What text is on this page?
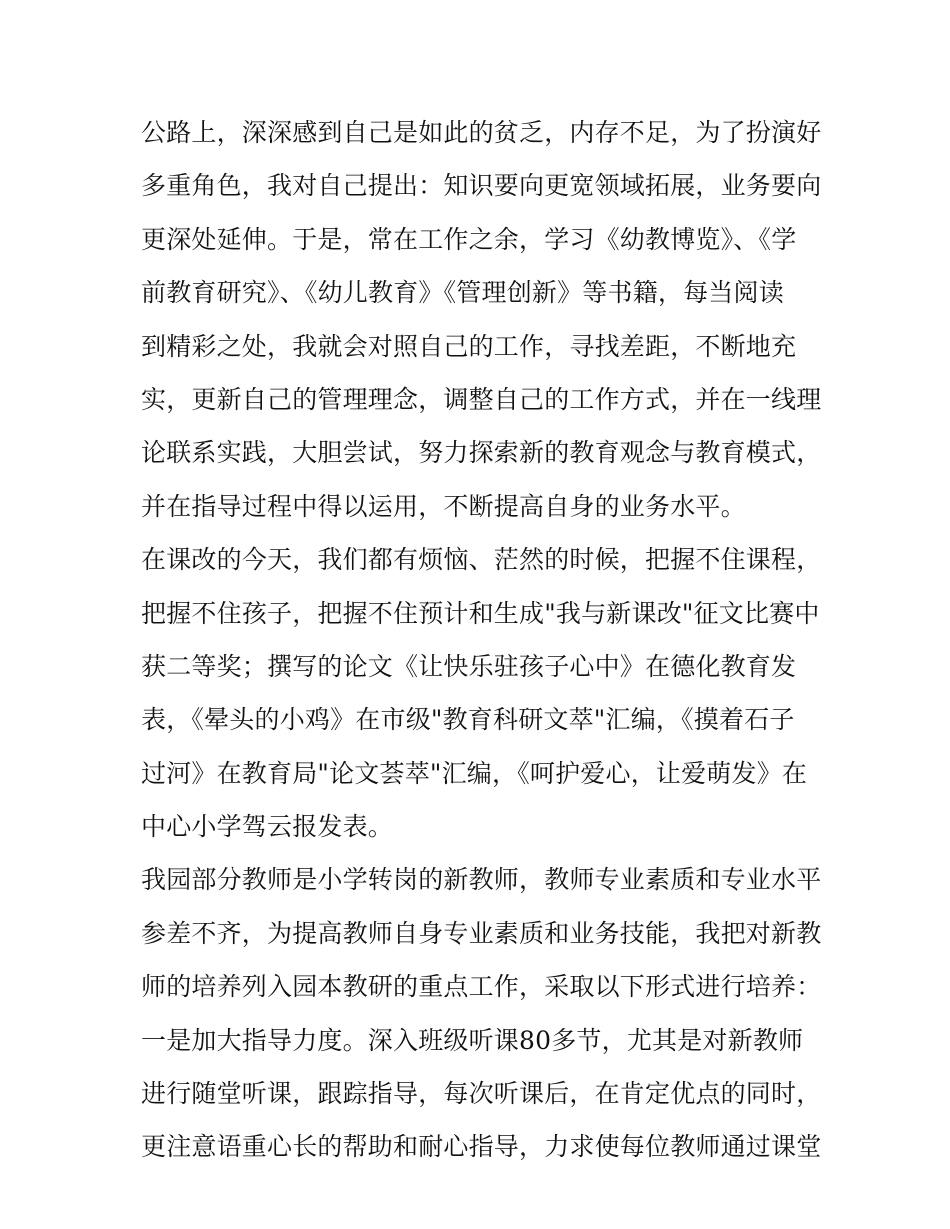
公路上，深深感到自己是如此的贫乏，内存不足，为了扮演好
多重角色，我对自己提出：知识要向更宽领域拓展，业务要向
更深处延伸。于是，常在工作之余，学习《幼教博览》、《学
前教育研究》、《幼儿教育》《管理创新》等书籍，每当阅读
到精彩之处，我就会对照自己的工作，寻找差距，不断地充
实，更新自己的管理理念，调整自己的工作方式，并在一线理
论联系实践，大胆尝试，努力探索新的教育观念与教育模式，
并在指导过程中得以运用，不断提高自身的业务水平。
在课改的今天，我们都有烦恼、茫然的时候，把握不住课程，
把握不住孩子，把握不住预计和生成"我与新课改"征文比赛中
获二等奖；撰写的论文《让快乐驻孩子心中》在德化教育发
表，《晕头的小鸡》在市级"教育科研文萃"汇编，《摸着石子
过河》在教育局"论文荟萃"汇编，《呵护爱心，让爱萌发》在
中心小学驾云报发表。
我园部分教师是小学转岗的新教师，教师专业素质和专业水平
参差不齐，为提高教师自身专业素质和业务技能，我把对新教
师的培养列入园本教研的重点工作，采取以下形式进行培养：
一是加大指导力度。深入班级听课80多节，尤其是对新教师
进行随堂听课，跟踪指导，每次听课后，在肯定优点的同时，
更注意语重心长的帮助和耐心指导，力求使每位教师通过课堂
